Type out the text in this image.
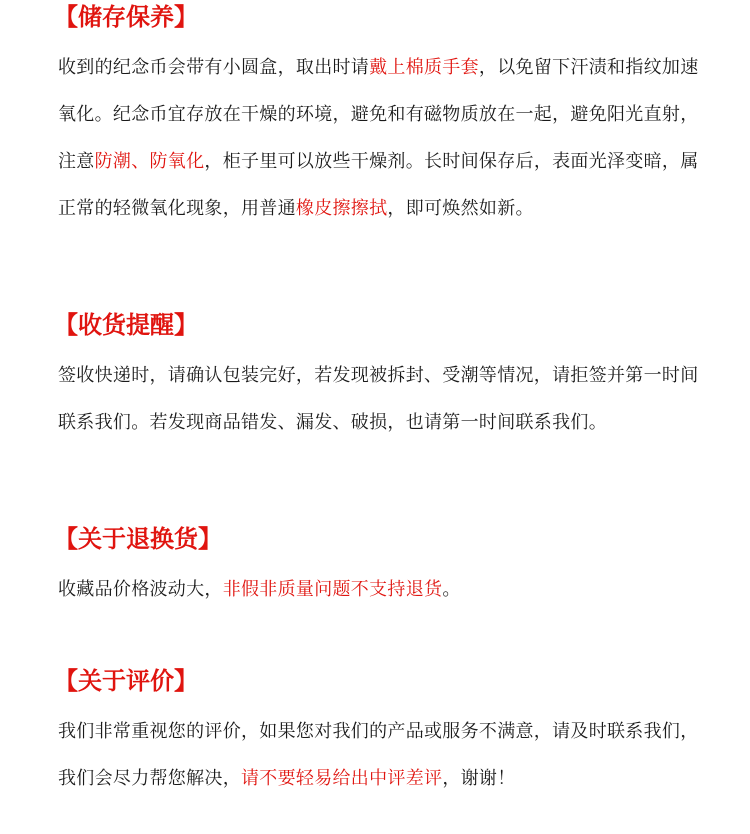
【储存保养】
收到的纪念币会带有小圆盒，取出时请戴上棉质手套，以免留下汗渍和指纹加速氧化。纪念币宜存放在干燥的环境，避免和有磁物质放在一起，避免阳光直射，注意防潮、防氧化，柜子里可以放些干燥剂。长时间保存后，表面光泽变暗，属正常的轻微氧化现象，用普通橡皮擦擦拭，即可焕然如新。
【收货提醒】
签收快递时，请确认包装完好，若发现被拆封、受潮等情况，请拒签并第一时间联系我们。若发现商品错发、漏发、破损，也请第一时间联系我们。
【关于退换货】
收藏品价格波动大，非假非质量问题不支持退货。
【关于评价】
我们非常重视您的评价，如果您对我们的产品或服务不满意，请及时联系我们，我们会尽力帮您解决，请不要轻易给出中评差评，谢谢！
